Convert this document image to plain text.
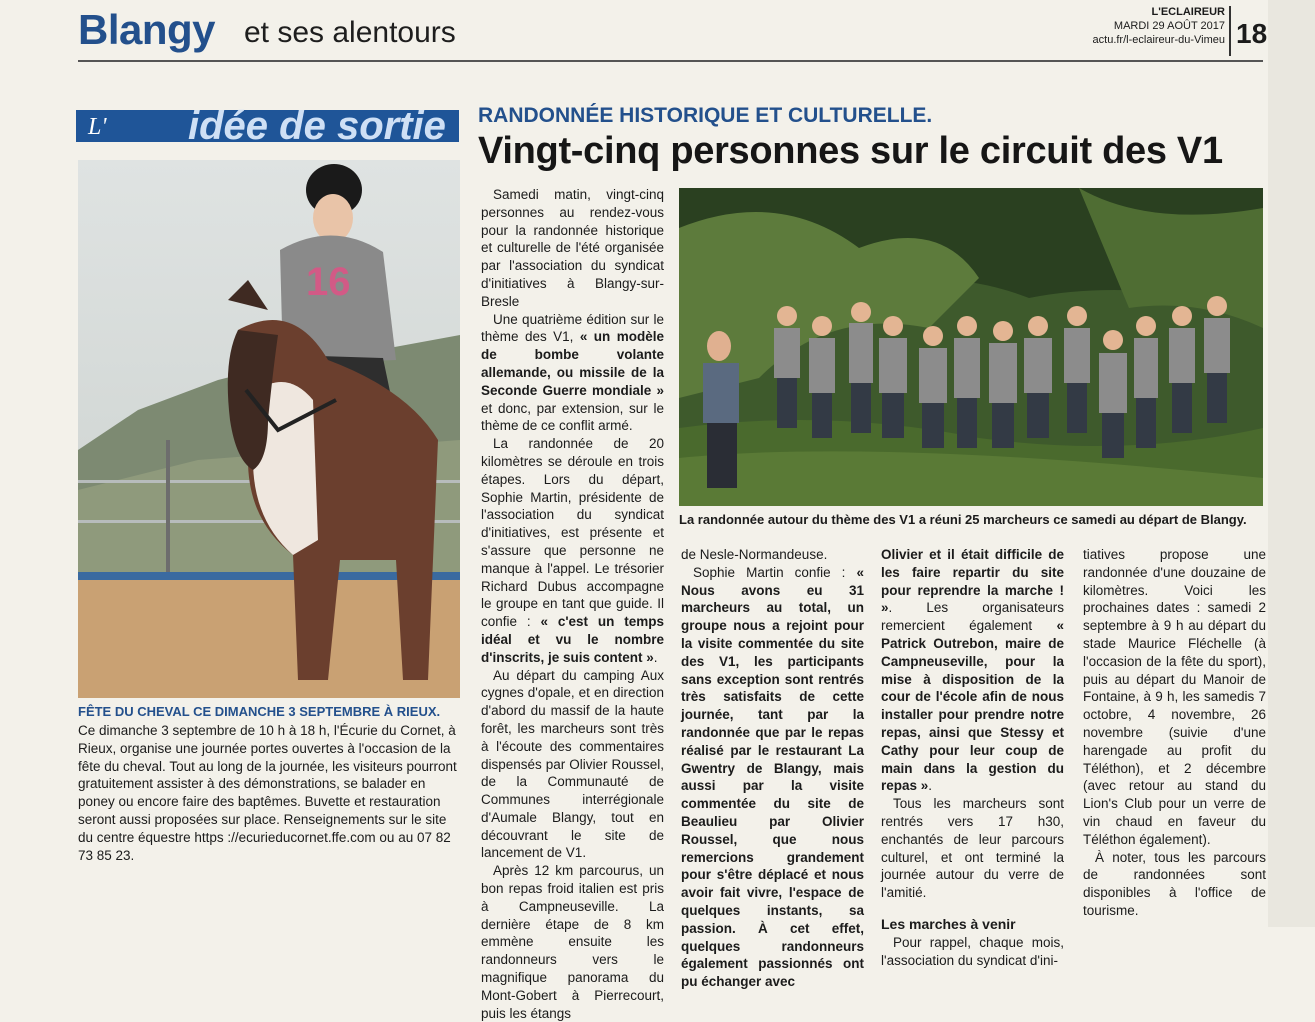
Blangy et ses alentours
L'ECLAIREUR
MARDI 29 AOÛT 2017
actu.fr/l-eclaireur-du-Vimeu 18
L' idée de sortie
16
FÊTE DU CHEVAL CE DIMANCHE 3 SEPTEMBRE À RIEUX.
Ce dimanche 3 septembre de 10 h à 18 h, l'Écurie du Cornet, à Rieux, organise une journée portes ouvertes à l'occasion de la fête du cheval. Tout au long de la journée, les visiteurs pourront gratuitement assister à des démonstrations, se balader en poney ou encore faire des baptêmes. Buvette et restauration seront aussi proposées sur place. Renseignements sur le site du centre équestre https ://ecurieducornet.ffe.com ou au 07 82 73 85 23.
RANDONNÉE HISTORIQUE ET CULTURELLE.
Vingt-cinq personnes sur le circuit des V1

Samedi matin, vingt-cinq personnes au rendez-vous pour la randonnée historique et culturelle de l'été organisée par l'association du syndicat d'initiatives à Blangy-sur-Bresle

Une quatrième édition sur le thème des V1, « un modèle de bombe volante allemande, ou missile de la Seconde Guerre mondiale » et donc, par extension, sur le thème de ce conflit armé.

La randonnée de 20 kilomètres se déroule en trois étapes. Lors du départ, Sophie Martin, présidente de l'association du syndicat d'initiatives, est présente et s'assure que personne ne manque à l'appel. Le trésorier Richard Dubus accompagne le groupe en tant que guide. Il confie : « c'est un temps idéal et vu le nombre d'inscrits, je suis content ».

Au départ du camping Aux cygnes d'opale, et en direction d'abord du massif de la haute forêt, les marcheurs sont très à l'écoute des commentaires dispensés par Olivier Roussel, de la Communauté de Communes interrégionale d'Aumale Blangy, tout en découvrant le site de lancement de V1.

Après 12 km parcourus, un bon repas froid italien est pris à Campneuseville. La dernière étape de 8 km emmène ensuite les randonneurs vers le magnifique panorama du Mont-Gobert à Pierrecourt, puis les étangs

La randonnée autour du thème des V1 a réuni 25 marcheurs ce samedi au départ de Blangy.

de Nesle-Normandeuse.

Sophie Martin confie : « Nous avons eu 31 marcheurs au total, un groupe nous a rejoint pour la visite commentée du site des V1, les participants sans exception sont rentrés très satisfaits de cette journée, tant par la randonnée que par le repas réalisé par le restaurant La Gwentry de Blangy, mais aussi par la visite commentée du site de Beaulieu par Olivier Roussel, que nous remercions grandement pour s'être déplacé et nous avoir fait vivre, l'espace de quelques instants, sa passion. À cet effet, quelques randonneurs également passionnés ont pu échanger avec

Olivier et il était difficile de les faire repartir du site pour reprendre la marche ! ». Les organisateurs remercient également « Patrick Outrebon, maire de Campneuseville, pour la mise à disposition de la cour de l'école afin de nous installer pour prendre notre repas, ainsi que Stessy et Cathy pour leur coup de main dans la gestion du repas ».

Tous les marcheurs sont rentrés vers 17 h30, enchantés de leur parcours culturel, et ont terminé la journée autour du verre de l'amitié.

Les marches à venir

Pour rappel, chaque mois, l'association du syndicat d'ini-

tiatives propose une randonnée d'une douzaine de kilomètres. Voici les prochaines dates : samedi 2 septembre à 9 h au départ du stade Maurice Fléchelle (à l'occasion de la fête du sport), puis au départ du Manoir de Fontaine, à 9 h, les samedis 7 octobre, 4 novembre, 26 novembre (suivie d'une harengade au profit du Téléthon), et 2 décembre (avec retour au stand du Lion's Club pour un verre de vin chaud en faveur du Téléthon également).

À noter, tous les parcours de randonnées sont disponibles à l'office de tourisme.
